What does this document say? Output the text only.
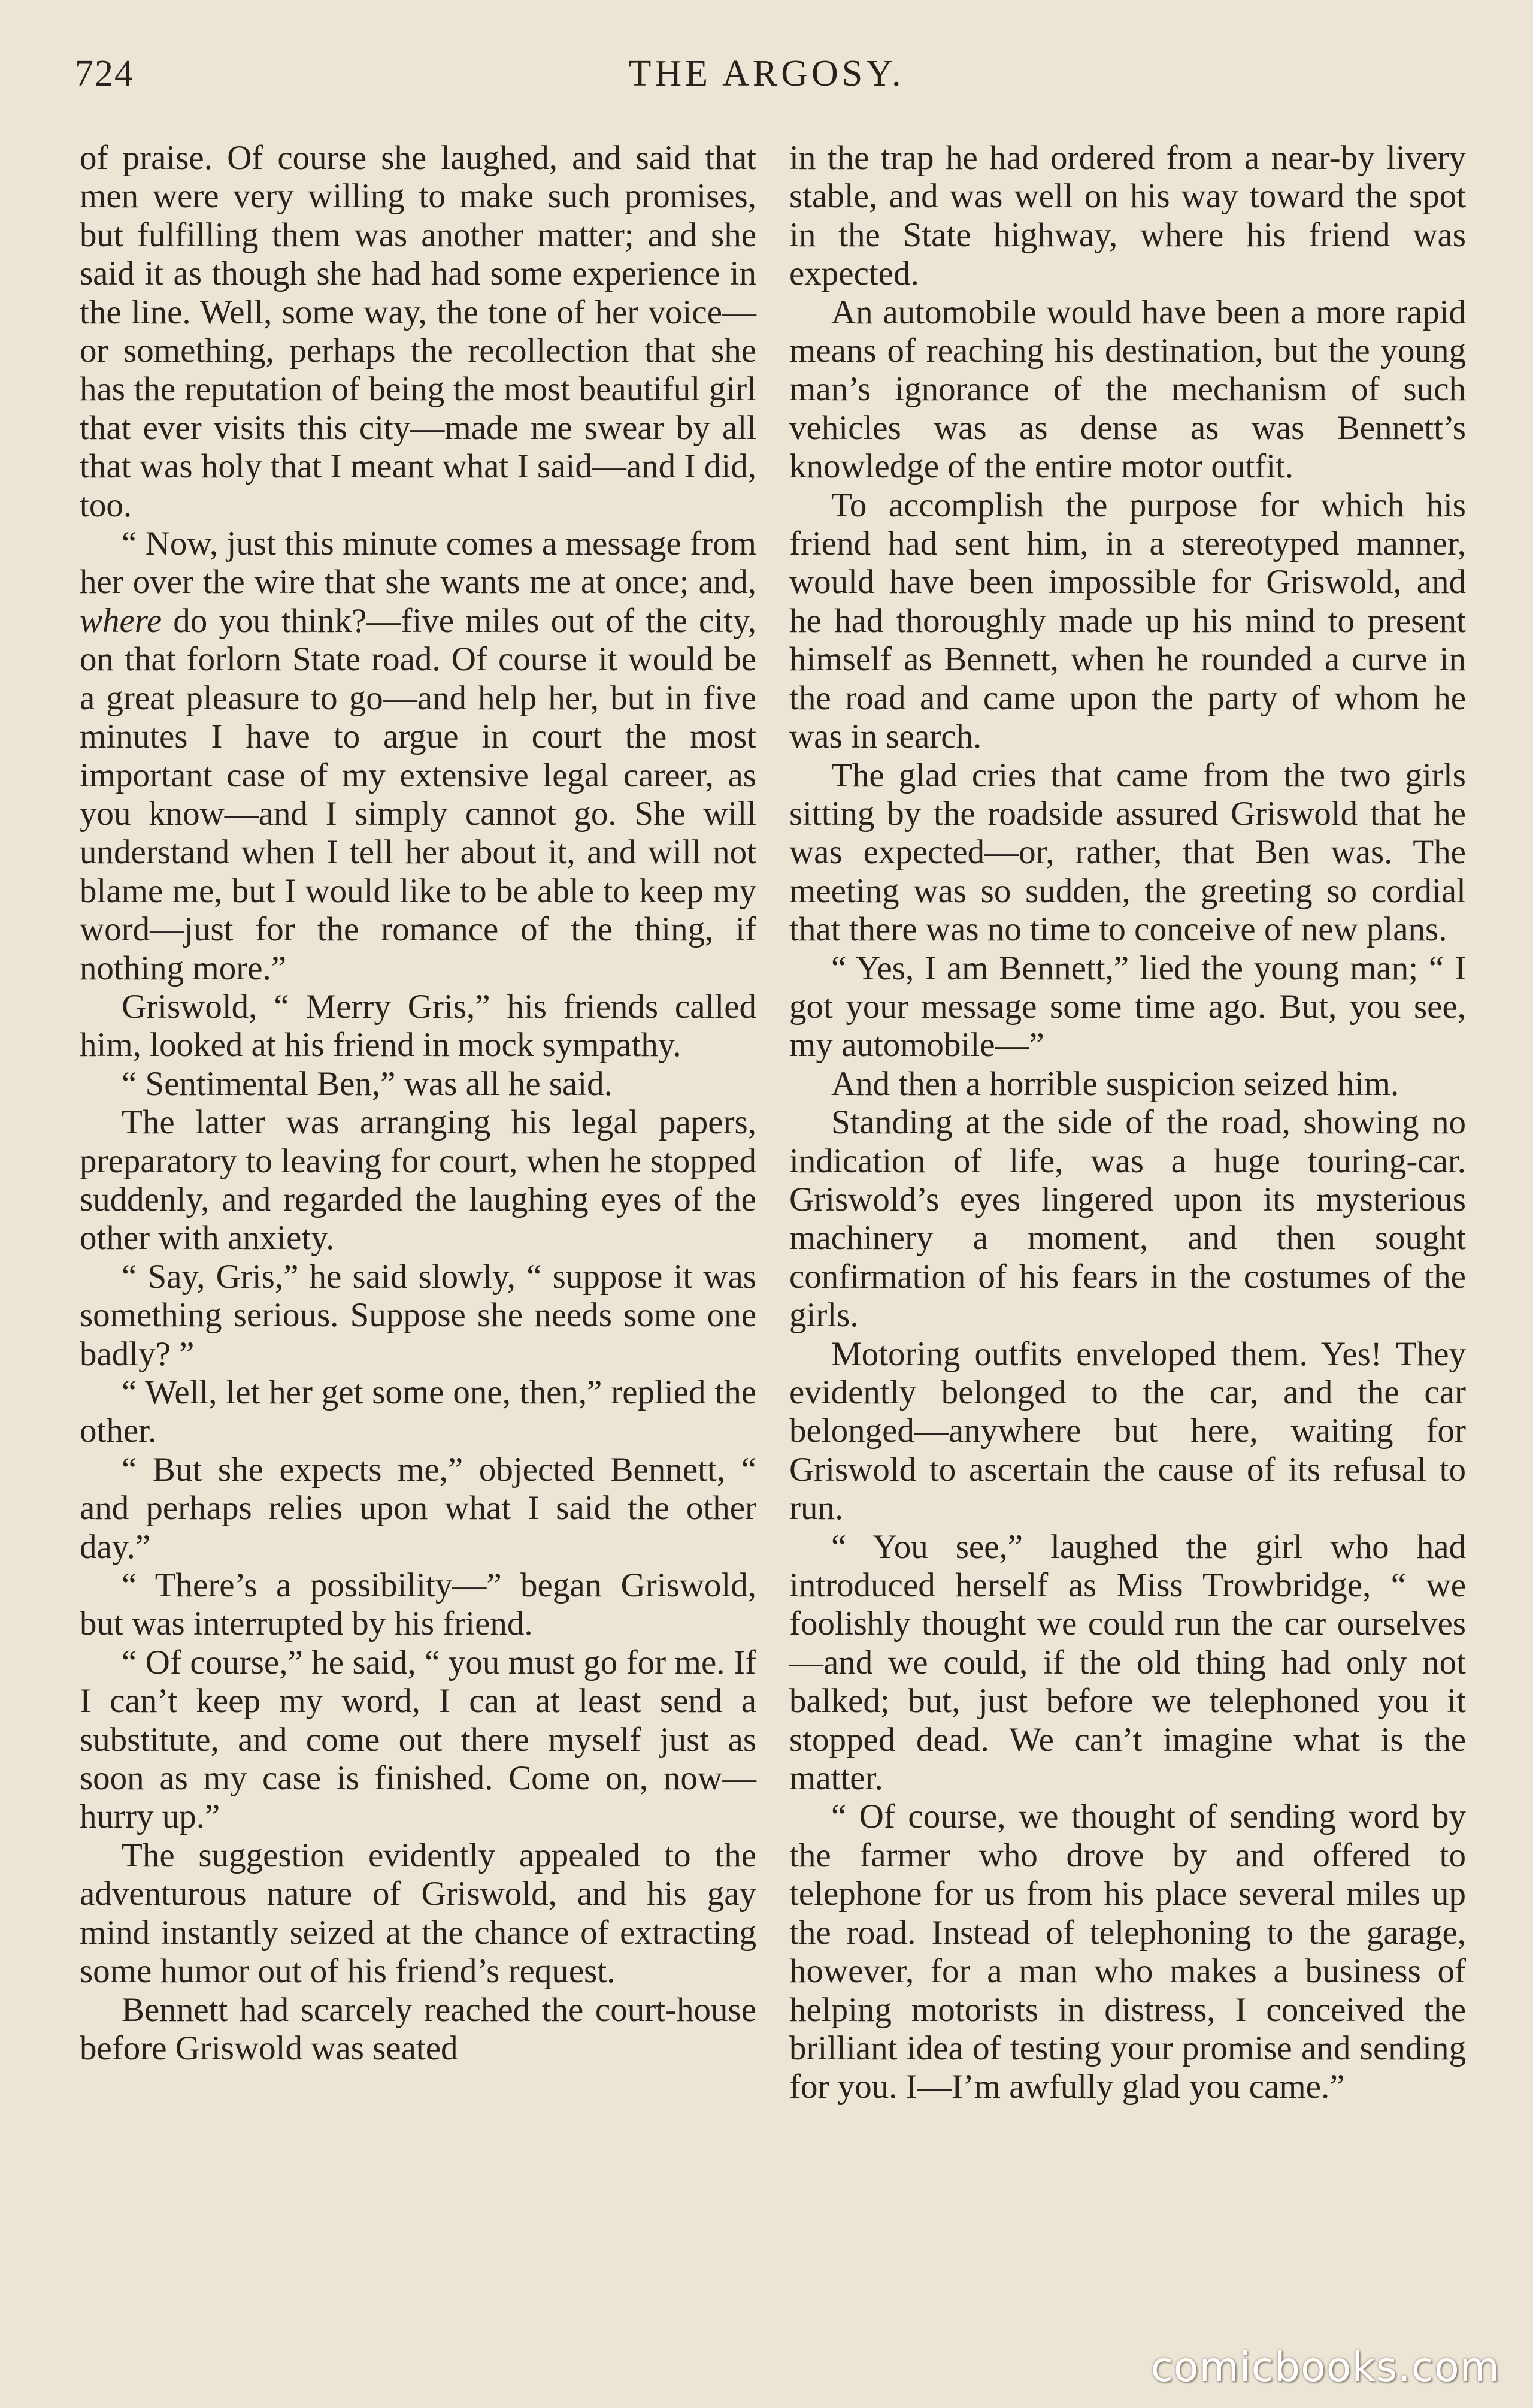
724	THE ARGOSY.

of praise. Of course she laughed, and said that men were very willing to make such promises, but fulfilling them was another matter; and she said it as though she had had some experience in the line. Well, some way, the tone of her voice—or something, perhaps the recollection that she has the reputation of being the most beautiful girl that ever visits this city—made me swear by all that was holy that I meant what I said—and I did, too.

“ Now, just this minute comes a message from her over the wire that she wants me at once; and, where do you think?—five miles out of the city, on that forlorn State road. Of course it would be a great pleasure to go—and help her, but in five minutes I have to argue in court the most important case of my extensive legal career, as you know—and I simply cannot go. She will understand when I tell her about it, and will not blame me, but I would like to be able to keep my word—just for the romance of the thing, if nothing more.”

Griswold, “ Merry Gris,” his friends called him, looked at his friend in mock sympathy.

“ Sentimental Ben,” was all he said.

The latter was arranging his legal papers, preparatory to leaving for court, when he stopped suddenly, and regarded the laughing eyes of the other with anxiety.

“ Say, Gris,” he said slowly, “ suppose it was something serious. Suppose she needs some one badly? ”

“ Well, let her get some one, then,” replied the other.

“ But she expects me,” objected Bennett, “ and perhaps relies upon what I said the other day.”

“ There’s a possibility—” began Griswold, but was interrupted by his friend.

“ Of course,” he said, “ you must go for me. If I can’t keep my word, I can at least send a substitute, and come out there myself just as soon as my case is finished. Come on, now—hurry up.”

The suggestion evidently appealed to the adventurous nature of Griswold, and his gay mind instantly seized at the chance of extracting some humor out of his friend’s request.

Bennett had scarcely reached the court-house before Griswold was seated

in the trap he had ordered from a near-by livery stable, and was well on his way toward the spot in the State highway, where his friend was expected.

An automobile would have been a more rapid means of reaching his destination, but the young man’s ignorance of the mechanism of such vehicles was as dense as was Bennett’s knowledge of the entire motor outfit.

To accomplish the purpose for which his friend had sent him, in a stereotyped manner, would have been impossible for Griswold, and he had thoroughly made up his mind to present himself as Bennett, when he rounded a curve in the road and came upon the party of whom he was in search.

The glad cries that came from the two girls sitting by the roadside assured Griswold that he was expected—or, rather, that Ben was. The meeting was so sudden, the greeting so cordial that there was no time to conceive of new plans.

“ Yes, I am Bennett,” lied the young man; “ I got your message some time ago. But, you see, my automobile—”

And then a horrible suspicion seized him.

Standing at the side of the road, showing no indication of life, was a huge touring-car. Griswold’s eyes lingered upon its mysterious machinery a moment, and then sought confirmation of his fears in the costumes of the girls.

Motoring outfits enveloped them. Yes! They evidently belonged to the car, and the car belonged—anywhere but here, waiting for Griswold to ascertain the cause of its refusal to run.

“ You see,” laughed the girl who had introduced herself as Miss Trowbridge, “ we foolishly thought we could run the car ourselves—and we could, if the old thing had only not balked; but, just before we telephoned you it stopped dead. We can’t imagine what is the matter.

“ Of course, we thought of sending word by the farmer who drove by and offered to telephone for us from his place several miles up the road. Instead of telephoning to the garage, however, for a man who makes a business of helping motorists in distress, I conceived the brilliant idea of testing your promise and sending for you. I—I’m awfully glad you came.”

comicbooks.com
